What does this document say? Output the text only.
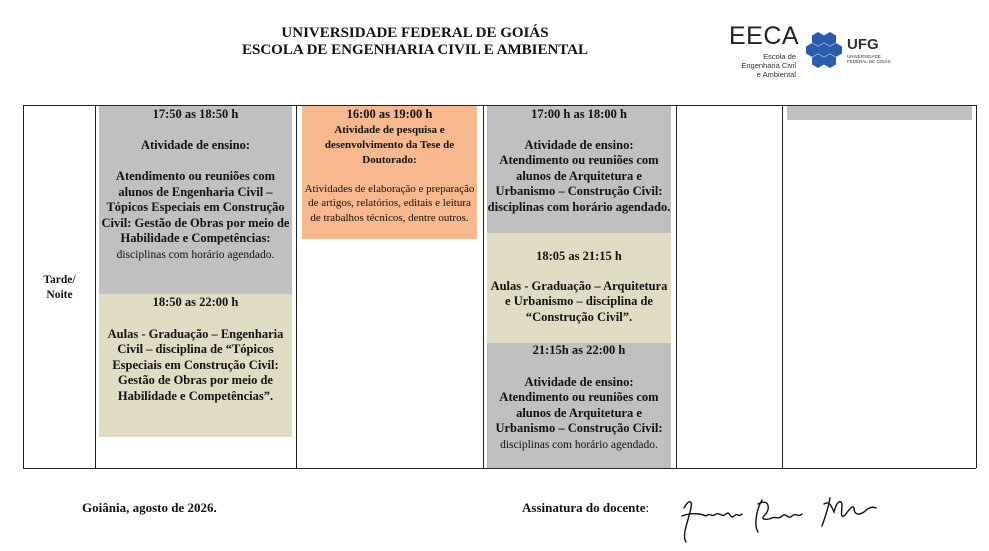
UNIVERSIDADE FEDERAL DE GOIÁS
ESCOLA DE ENGENHARIA CIVIL E AMBIENTAL	EECA
Escola de
Engenharia Civil
e Ambiental
UFG
UNIVERSIDADE
FEDERAL DE GOIÁS
Tarde/
Noite
17:50 as 18:50 h
Atividade de ensino:
Atendimento ou reuniões com alunos de Engenharia Civil – Tópicos Especiais em Construção Civil: Gestão de Obras por meio de Habilidade e Competências: disciplinas com horário agendado.
18:50 as 22:00 h
Aulas - Graduação – Engenharia Civil – disciplina de “Tópicos Especiais em Construção Civil: Gestão de Obras por meio de Habilidade e Competências”.
16:00 as 19:00 h
Atividade de pesquisa e desenvolvimento da Tese de Doutorado:
Atividades de elaboração e preparação de artigos, relatórios, editais e leitura de trabalhos técnicos, dentre outros.
17:00 h as 18:00 h
Atividade de ensino:
Atendimento ou reuniões com alunos de Arquitetura e Urbanismo – Construção Civil: disciplinas com horário agendado.
18:05 as 21:15 h
Aulas - Graduação – Arquitetura e Urbanismo – disciplina de “Construção Civil”.
21:15h as 22:00 h
Atividade de ensino:
Atendimento ou reuniões com alunos de Arquitetura e Urbanismo – Construção Civil: disciplinas com horário agendado.
Goiânia, agosto de 2026.	Assinatura do docente:
